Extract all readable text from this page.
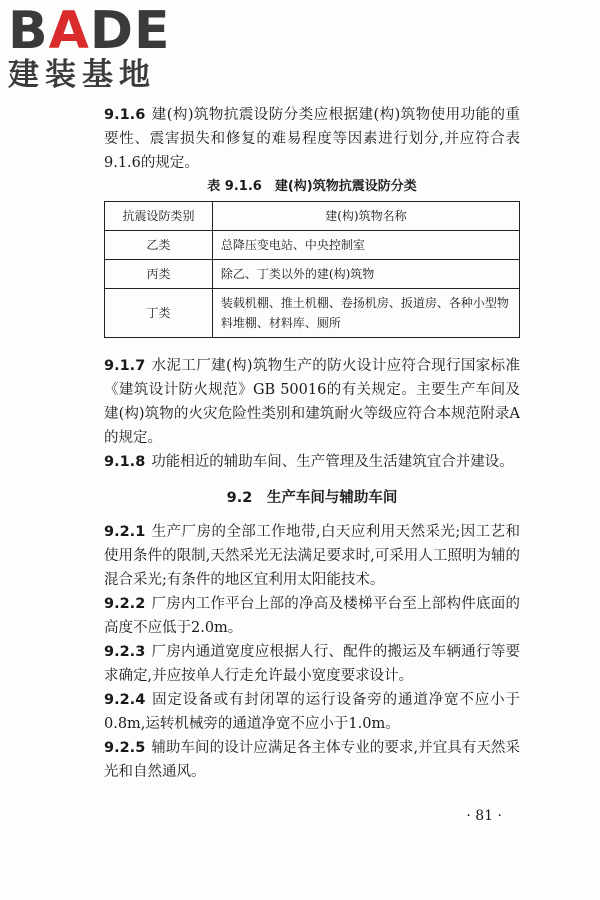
BADE
建装基地

9.1.6 建(构)筑物抗震设防分类应根据建(构)筑物使用功能的重要性、震害损失和修复的难易程度等因素进行划分,并应符合表9.1.6的规定。

表 9.1.6　建(构)筑物抗震设防分类
抗震设防类别	建(构)筑物名称
乙类	总降压变电站、中央控制室
丙类	除乙、丁类以外的建(构)筑物
丁类	装载机棚、推土机棚、卷扬机房、扳道房、各种小型物料堆棚、材料库、厕所

9.1.7 水泥工厂建(构)筑物生产的防火设计应符合现行国家标准《建筑设计防火规范》GB 50016的有关规定。主要生产车间及建(构)筑物的火灾危险性类别和建筑耐火等级应符合本规范附录A的规定。

9.1.8 功能相近的辅助车间、生产管理及生活建筑宜合并建设。

9.2　 生产车间与辅助车间

9.2.1 生产厂房的全部工作地带,白天应利用天然采光;因工艺和使用条件的限制,天然采光无法满足要求时,可采用人工照明为辅的混合采光;有条件的地区宜利用太阳能技术。

9.2.2 厂房内工作平台上部的净高及楼梯平台至上部构件底面的高度不应低于2.0m。

9.2.3 厂房内通道宽度应根据人行、配件的搬运及车辆通行等要求确定,并应按单人行走允许最小宽度要求设计。

9.2.4 固定设备或有封闭罩的运行设备旁的通道净宽不应小于0.8m,运转机械旁的通道净宽不应小于1.0m。

9.2.5 辅助车间的设计应满足各主体专业的要求,并宜具有天然采光和自然通风。

· 81 ·
